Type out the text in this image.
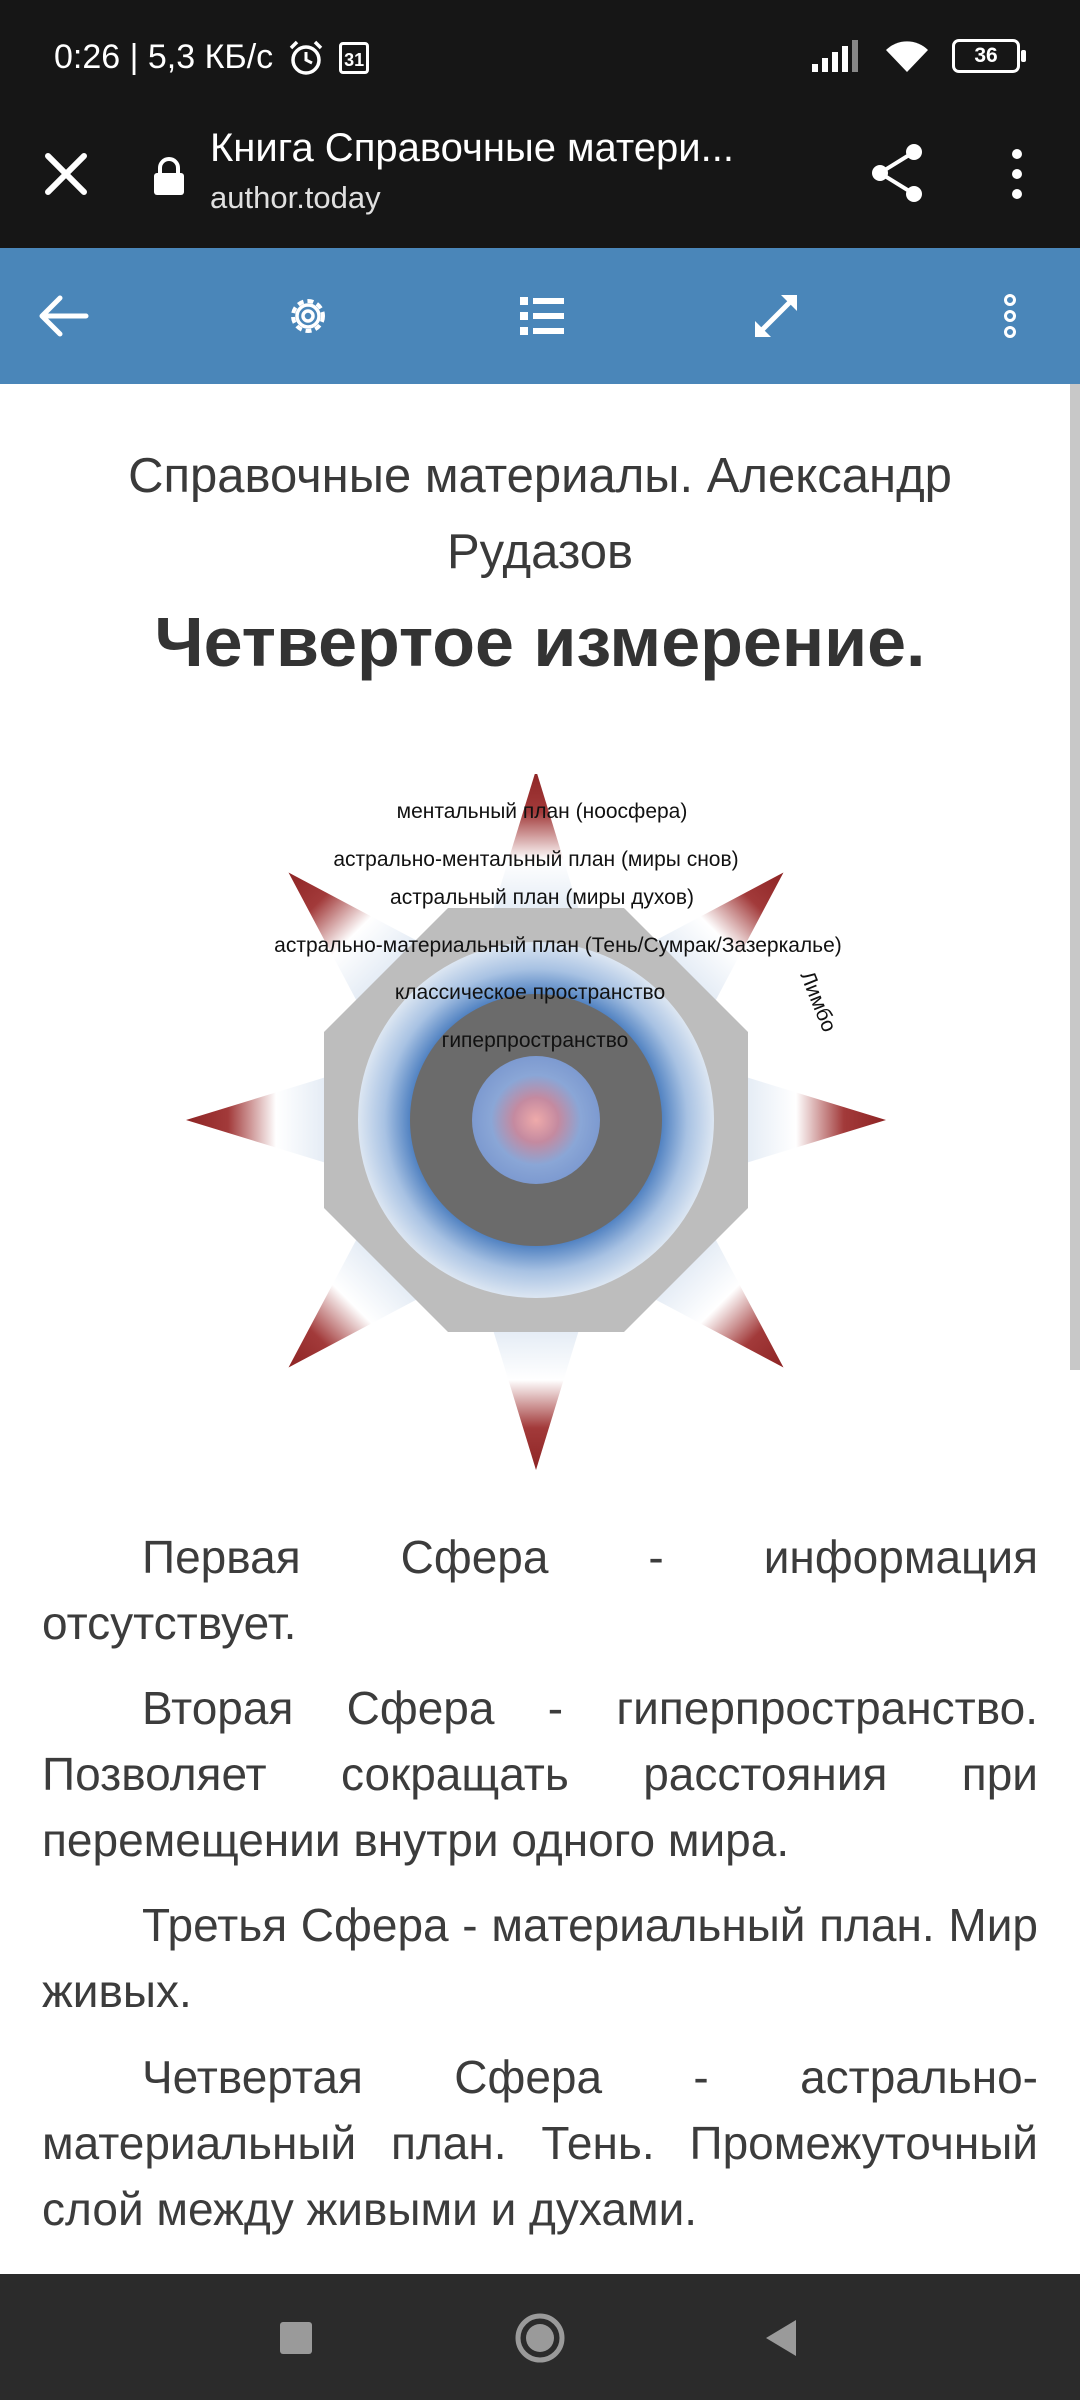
0:26 | 5,3 КБ/с	31	36
Книга Справочные матери...
author.today
Справочные материалы. Александр Рудазов
Четвертое измерение.
ментальный план (ноосфера)
астрально-ментальный план (миры снов)
астральный план (миры духов)
астрально-материальный план (Тень/Сумрак/Зазеркалье)
классическое пространство
гиперпространство
Лимбо

Первая Сфера - информация отсутствует.

Вторая Сфера - гиперпространство. Позволяет сокращать расстояния при перемещении внутри одного мира.

Третья Сфера - материальный план. Мир живых.

Четвертая Сфера - астрально-материальный план. Тень. Промежуточный слой между живыми и духами.
